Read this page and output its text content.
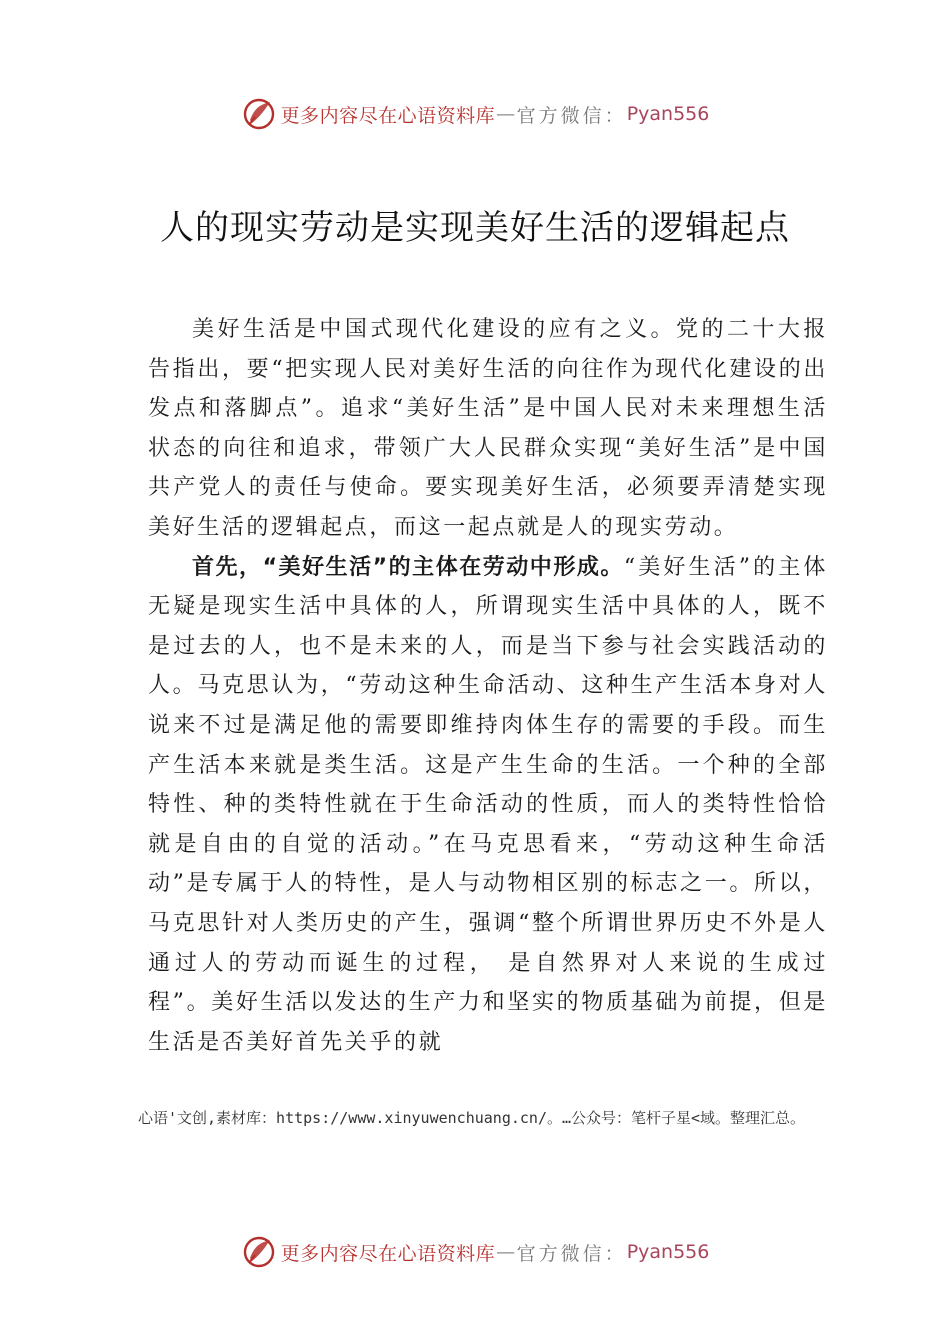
更多内容尽在心语资料库 — 官方微信： Pyan556
人的现实劳动是实现美好生活的逻辑起点

美好生活是中国式现代化建设的应有之义。党的二十大报告指出，要“把实现人民对美好生活的向往作为现代化建设的出发点和落脚点”。追求“美好生活”是中国人民对未来理想生活状态的向往和追求，带领广大人民群众实现“美好生活”是中国共产党人的责任与使命。要实现美好生活，必须要弄清楚实现美好生活的逻辑起点，而这一起点就是人的现实劳动。

首先，“美好生活”的主体在劳动中形成。“美好生活”的主体无疑是现实生活中具体的人，所谓现实生活中具体的人，既不是过去的人，也不是未来的人，而是当下参与社会实践活动的人。马克思认为，“劳动这种生命活动、这种生产生活本身对人说来不过是满足他的需要即维持肉体生存的需要的手段。而生产生活本来就是类生活。这是产生生命的生活。一个种的全部特性、种的类特性就在于生命活动的性质，而人的类特性恰恰就是自由的自觉的活动。”在马克思看来，“劳动这种生命活动”是专属于人的特性，是人与动物相区别的标志之一。所以，马克思针对人类历史的产生，强调“整个所谓世界历史不外是人通过人的劳动而诞生的过程， 是自然界对人来说的生成过程”。美好生活以发达的生产力和坚实的物质基础为前提，但是生活是否美好首先关乎的就

心语'文创,素材库：https://www.xinyuwenchuang.cn/。…公众号：笔杆子星<域。整理汇总。
更多内容尽在心语资料库 — 官方微信： Pyan556
